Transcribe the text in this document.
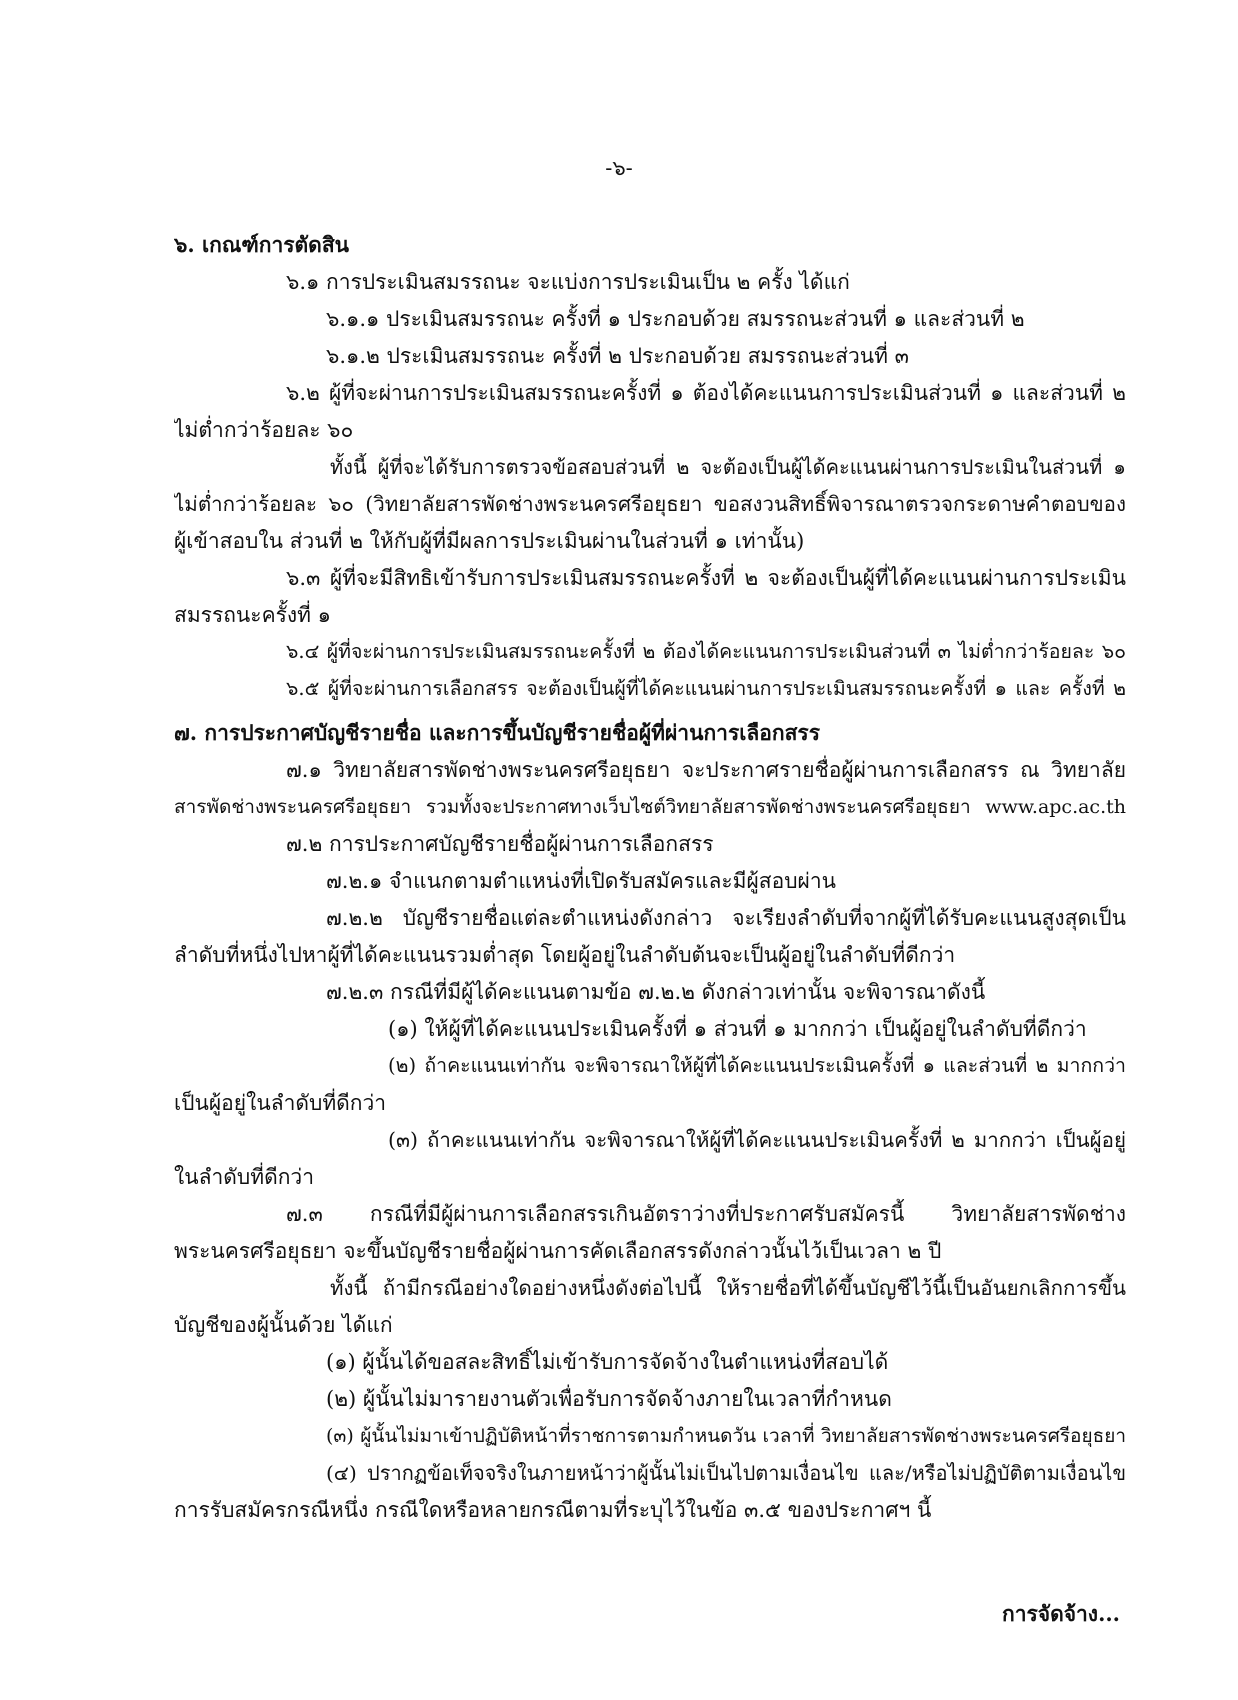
-๖-
๖. เกณฑ์การตัดสิน
๖.๑ การประเมินสมรรถนะ จะแบ่งการประเมินเป็น ๒ ครั้ง ได้แก่
๖.๑.๑ ประเมินสมรรถนะ ครั้งที่ ๑ ประกอบด้วย สมรรถนะส่วนที่ ๑ และส่วนที่ ๒
๖.๑.๒ ประเมินสมรรถนะ ครั้งที่ ๒ ประกอบด้วย สมรรถนะส่วนที่ ๓
๖.๒ ผู้ที่จะผ่านการประเมินสมรรถนะครั้งที่ ๑ ต้องได้คะแนนการประเมินส่วนที่ ๑ และส่วนที่ ๒
ไม่ต่ำกว่าร้อยละ ๖๐
ทั้งนี้ ผู้ที่จะได้รับการตรวจข้อสอบส่วนที่ ๒ จะต้องเป็นผู้ได้คะแนนผ่านการประเมินในส่วนที่ ๑
ไม่ต่ำกว่าร้อยละ ๖๐ (วิทยาลัยสารพัดช่างพระนครศรีอยุธยา ขอสงวนสิทธิ์พิจารณาตรวจกระดาษคำตอบของ
ผู้เข้าสอบใน ส่วนที่ ๒ ให้กับผู้ที่มีผลการประเมินผ่านในส่วนที่ ๑ เท่านั้น)
๖.๓ ผู้ที่จะมีสิทธิเข้ารับการประเมินสมรรถนะครั้งที่ ๒ จะต้องเป็นผู้ที่ได้คะแนนผ่านการประเมิน
สมรรถนะครั้งที่ ๑
๖.๔ ผู้ที่จะผ่านการประเมินสมรรถนะครั้งที่ ๒ ต้องได้คะแนนการประเมินส่วนที่ ๓ ไม่ต่ำกว่าร้อยละ ๖๐
๖.๕ ผู้ที่จะผ่านการเลือกสรร จะต้องเป็นผู้ที่ได้คะแนนผ่านการประเมินสมรรถนะครั้งที่ ๑ และ ครั้งที่ ๒
๗. การประกาศบัญชีรายชื่อ และการขึ้นบัญชีรายชื่อผู้ที่ผ่านการเลือกสรร
๗.๑ วิทยาลัยสารพัดช่างพระนครศรีอยุธยา จะประกาศรายชื่อผู้ผ่านการเลือกสรร ณ วิทยาลัย
สารพัดช่างพระนครศรีอยุธยา รวมทั้งจะประกาศทางเว็บไซต์วิทยาลัยสารพัดช่างพระนครศรีอยุธยา www.apc.ac.th
๗.๒ การประกาศบัญชีรายชื่อผู้ผ่านการเลือกสรร
๗.๒.๑ จำแนกตามตำแหน่งที่เปิดรับสมัครและมีผู้สอบผ่าน
๗.๒.๒ บัญชีรายชื่อแต่ละตำแหน่งดังกล่าว จะเรียงลำดับที่จากผู้ที่ได้รับคะแนนสูงสุดเป็น
ลำดับที่หนึ่งไปหาผู้ที่ได้คะแนนรวมต่ำสุด โดยผู้อยู่ในลำดับต้นจะเป็นผู้อยู่ในลำดับที่ดีกว่า
๗.๒.๓ กรณีที่มีผู้ได้คะแนนตามข้อ ๗.๒.๒ ดังกล่าวเท่านั้น จะพิจารณาดังนี้
(๑) ให้ผู้ที่ได้คะแนนประเมินครั้งที่ ๑ ส่วนที่ ๑ มากกว่า เป็นผู้อยู่ในลำดับที่ดีกว่า
(๒) ถ้าคะแนนเท่ากัน จะพิจารณาให้ผู้ที่ได้คะแนนประเมินครั้งที่ ๑ และส่วนที่ ๒ มากกว่า
เป็นผู้อยู่ในลำดับที่ดีกว่า
(๓) ถ้าคะแนนเท่ากัน จะพิจารณาให้ผู้ที่ได้คะแนนประเมินครั้งที่ ๒ มากกว่า เป็นผู้อยู่
ในลำดับที่ดีกว่า
๗.๓ กรณีที่มีผู้ผ่านการเลือกสรรเกินอัตราว่างที่ประกาศรับสมัครนี้ วิทยาลัยสารพัดช่าง
พระนครศรีอยุธยา จะขึ้นบัญชีรายชื่อผู้ผ่านการคัดเลือกสรรดังกล่าวนั้นไว้เป็นเวลา ๒ ปี
ทั้งนี้ ถ้ามีกรณีอย่างใดอย่างหนึ่งดังต่อไปนี้ ให้รายชื่อที่ได้ขึ้นบัญชีไว้นี้เป็นอันยกเลิกการขึ้น
บัญชีของผู้นั้นด้วย ได้แก่
(๑) ผู้นั้นได้ขอสละสิทธิ์ไม่เข้ารับการจัดจ้างในตำแหน่งที่สอบได้
(๒) ผู้นั้นไม่มารายงานตัวเพื่อรับการจัดจ้างภายในเวลาที่กำหนด
(๓) ผู้นั้นไม่มาเข้าปฏิบัติหน้าที่ราชการตามกำหนดวัน เวลาที่ วิทยาลัยสารพัดช่างพระนครศรีอยุธยา
(๔) ปรากฏข้อเท็จจริงในภายหน้าว่าผู้นั้นไม่เป็นไปตามเงื่อนไข และ/หรือไม่ปฏิบัติตามเงื่อนไข
การรับสมัครกรณีหนึ่ง กรณีใดหรือหลายกรณีตามที่ระบุไว้ในข้อ ๓.๕ ของประกาศฯ นี้
การจัดจ้าง...
